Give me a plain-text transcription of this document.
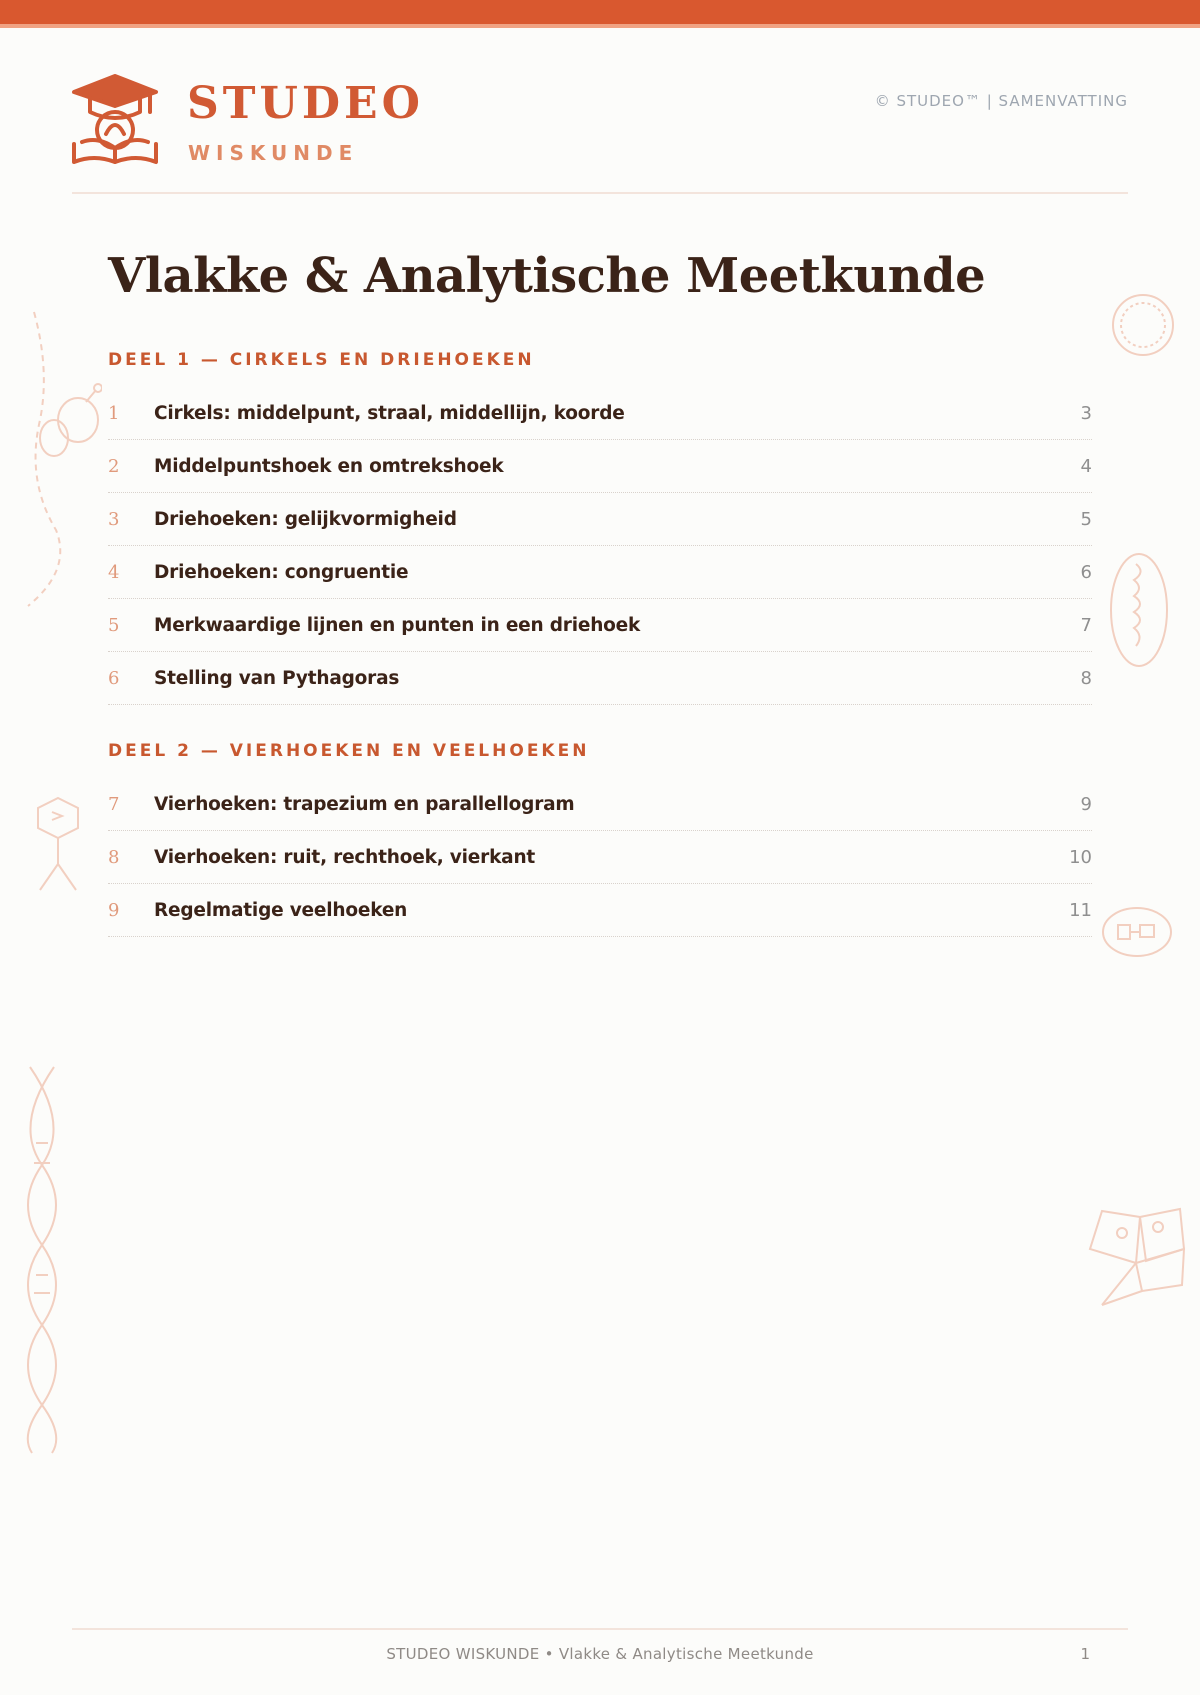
STUDEO
WISKUNDE
© STUDEO™ | SAMENVATTING
Vlakke & Analytische Meetkunde
DEEL 1 — CIRKELS EN DRIEHOEKEN
1	Cirkels: middelpunt, straal, middellijn, koorde	3
2	Middelpuntshoek en omtrekshoek	4
3	Driehoeken: gelijkvormigheid	5
4	Driehoeken: congruentie	6
5	Merkwaardige lijnen en punten in een driehoek	7
6	Stelling van Pythagoras	8
DEEL 2 — VIERHOEKEN EN VEELHOEKEN
7	Vierhoeken: trapezium en parallellogram	9
8	Vierhoeken: ruit, rechthoek, vierkant	10
9	Regelmatige veelhoeken	11
STUDEO WISKUNDE • Vlakke & Analytische Meetkunde	1
